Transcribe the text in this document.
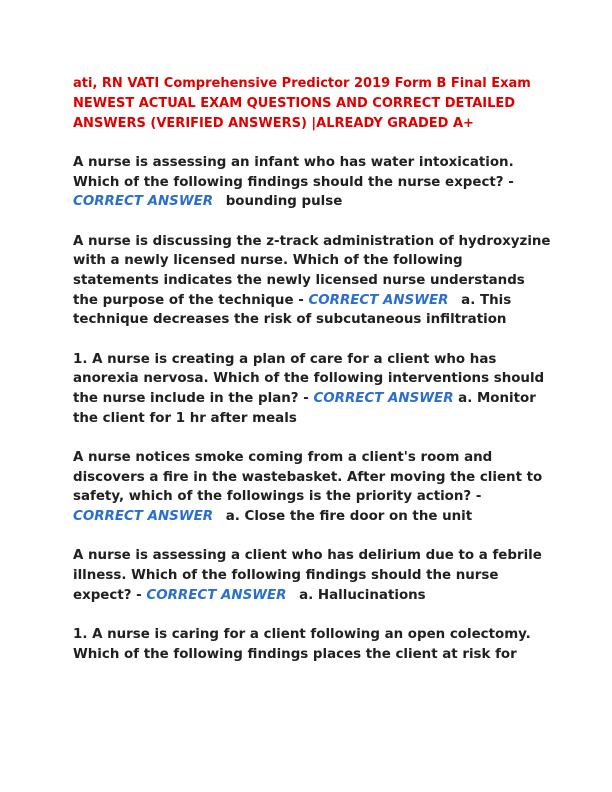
ati, RN VATI Comprehensive Predictor 2019 Form B Final Exam NEWEST ACTUAL EXAM QUESTIONS AND CORRECT DETAILED ANSWERS (VERIFIED ANSWERS) |ALREADY GRADED A+
A nurse is assessing an infant who has water intoxication. Which of the following findings should the nurse expect? - CORRECT ANSWER bounding pulse
A nurse is discussing the z-track administration of hydroxyzine with a newly licensed nurse. Which of the following statements indicates the newly licensed nurse understands the purpose of the technique - CORRECT ANSWER a. This technique decreases the risk of subcutaneous infiltration
1. A nurse is creating a plan of care for a client who has anorexia nervosa. Which of the following interventions should the nurse include in the plan? - CORRECT ANSWER a. Monitor the client for 1 hr after meals
A nurse notices smoke coming from a client's room and discovers a fire in the wastebasket. After moving the client to safety, which of the followings is the priority action? - CORRECT ANSWER a. Close the fire door on the unit
A nurse is assessing a client who has delirium due to a febrile illness. Which of the following findings should the nurse expect? - CORRECT ANSWER a. Hallucinations
1. A nurse is caring for a client following an open colectomy. Which of the following findings places the client at risk for
